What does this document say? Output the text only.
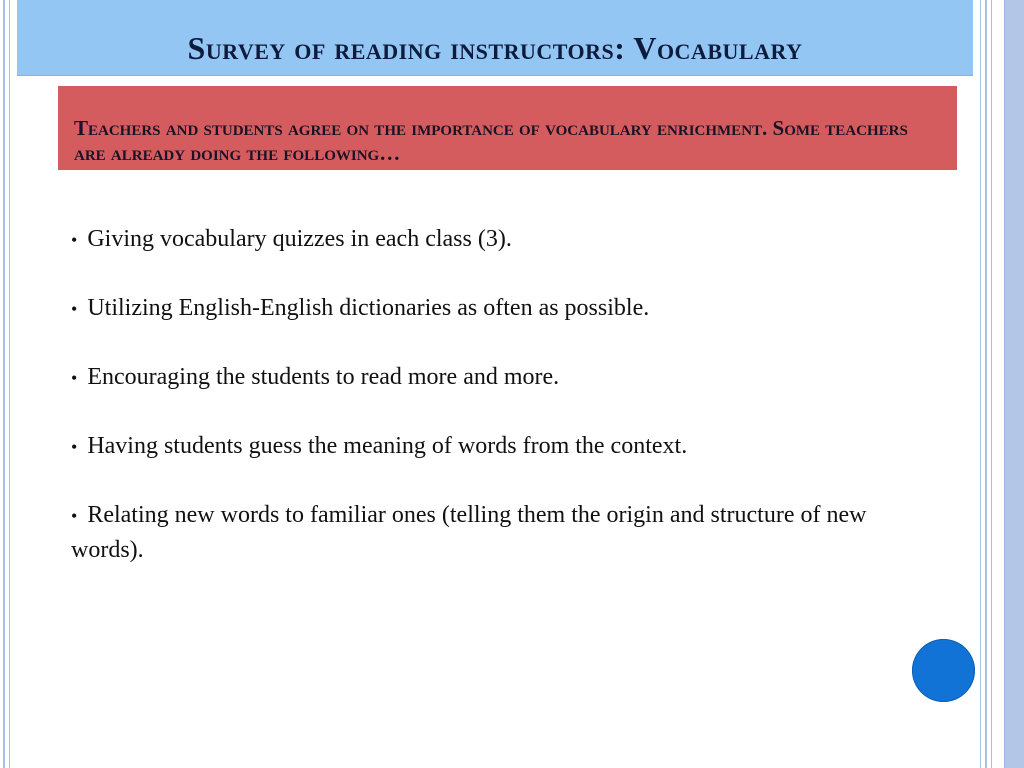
Survey of reading instructors: Vocabulary
Teachers and students agree on the importance of vocabulary enrichment. Some teachers are already doing the following…
• Giving vocabulary quizzes in each class (3).
• Utilizing English-English dictionaries as often as possible.
• Encouraging the students to read more and more.
• Having students guess the meaning of words from the context.
• Relating new words to familiar ones (telling them the origin and structure of new words).
